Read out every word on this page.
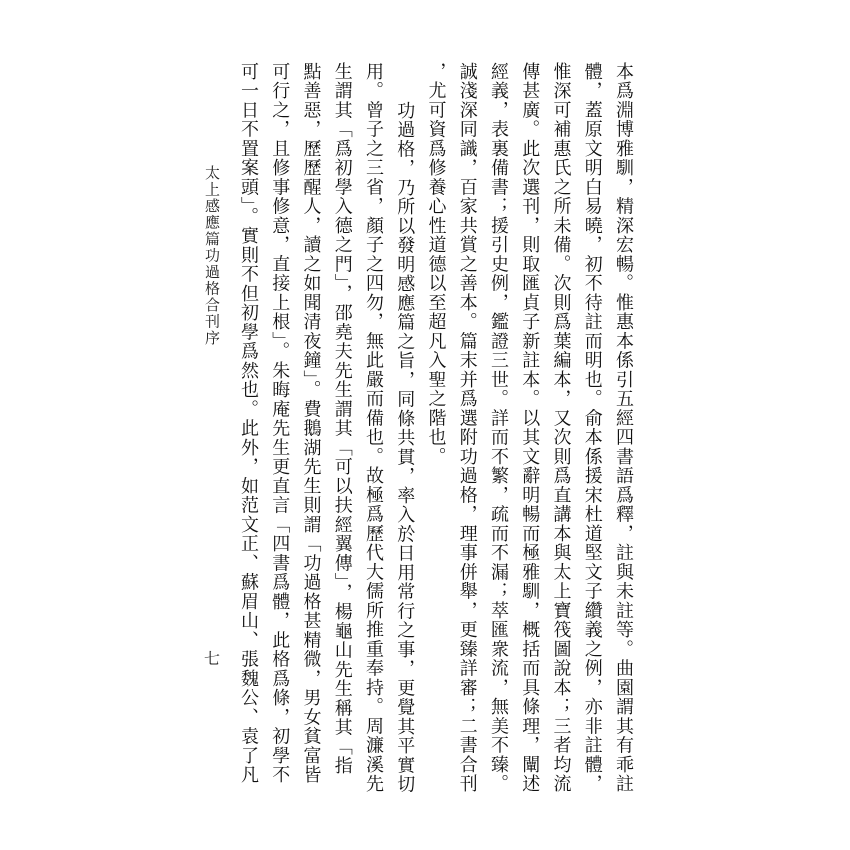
本爲淵博雅馴，精深宏暢。惟惠本係引五經四書語爲釋，註與未註等。曲園謂其有乖註
體，蓋原文明白易曉，初不待註而明也。俞本係援宋杜道堅文子纘義之例，亦非註體，
惟深可補惠氏之所未備。次則爲葉編本，又次則爲直講本與太上寶筏圖說本；三者均流
傳甚廣。此次選刊，則取匯貞子新註本。以其文辭明暢而極雅馴，概括而具條理，闡述
經義，表裏備書；援引史例，鑑證三世。詳而不繁，疏而不漏；萃匯衆流，無美不臻。
誠淺深同識，百家共賞之善本。篇末并爲選附功過格，理事併舉，更臻詳審；二書合刊
，尤可資爲修養心性道德以至超凡入聖之階也。
功過格，乃所以發明感應篇之旨，同條共貫，率入於日用常行之事，更覺其平實切
用。曾子之三省，顏子之四勿，無此嚴而備也。故極爲歷代大儒所推重奉持。周濂溪先
生謂其「爲初學入德之門」，邵堯夫先生謂其「可以扶經翼傳」，楊龜山先生稱其「指
點善惡，歷歷醒人，讀之如聞清夜鐘」。費鵝湖先生則謂「功過格甚精微，男女貧富皆
可行之，且修事修意，直接上根」。朱晦庵先生更直言「四書爲體，此格爲條，初學不
可一日不置案頭」。實則不但初學爲然也。此外，如范文正、蘇眉山、張魏公、袁了凡
太上感應篇功過格合刊序
七
